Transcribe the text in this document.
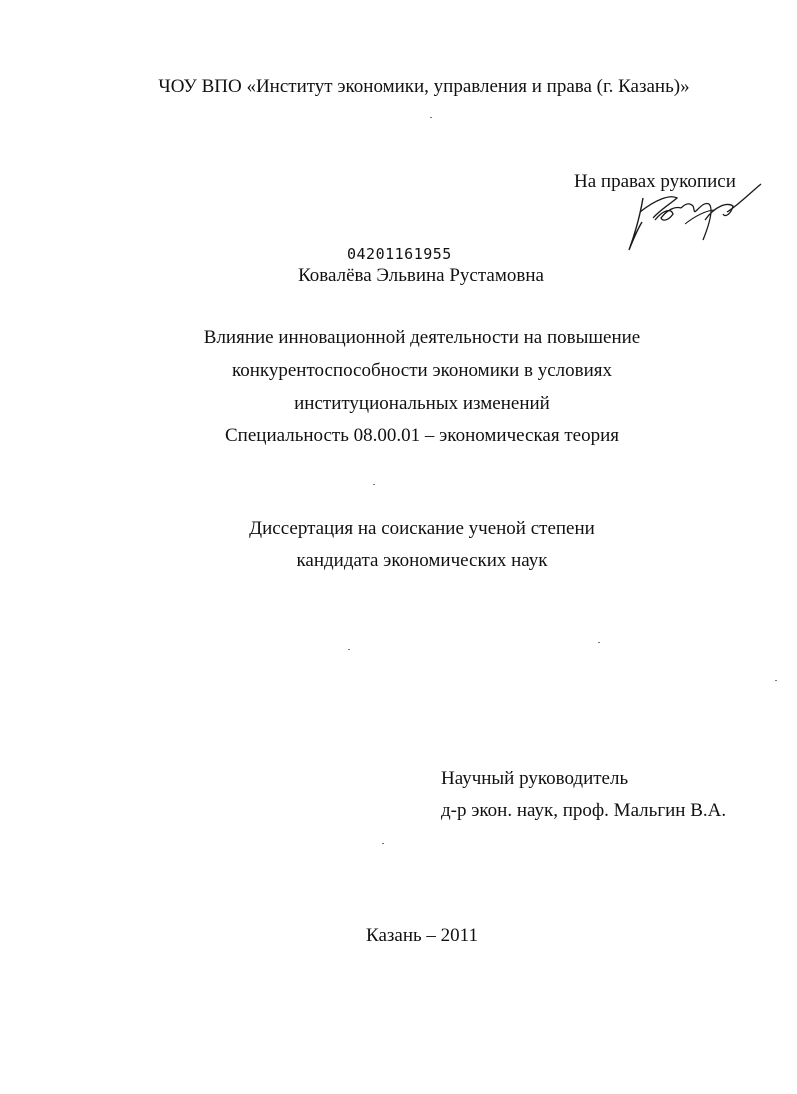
ЧОУ ВПО «Институт экономики, управления и права (г. Казань)»
На правах рукописи
04201161955
Ковалёва Эльвина Рустамовна
Влияние инновационной деятельности на повышение
конкурентоспособности экономики в условиях
институциональных изменений
Специальность 08.00.01 – экономическая теория
Диссертация на соискание ученой степени
кандидата экономических наук
Научный руководитель
д-р экон. наук, проф. Мальгин В.А.
Казань – 2011
